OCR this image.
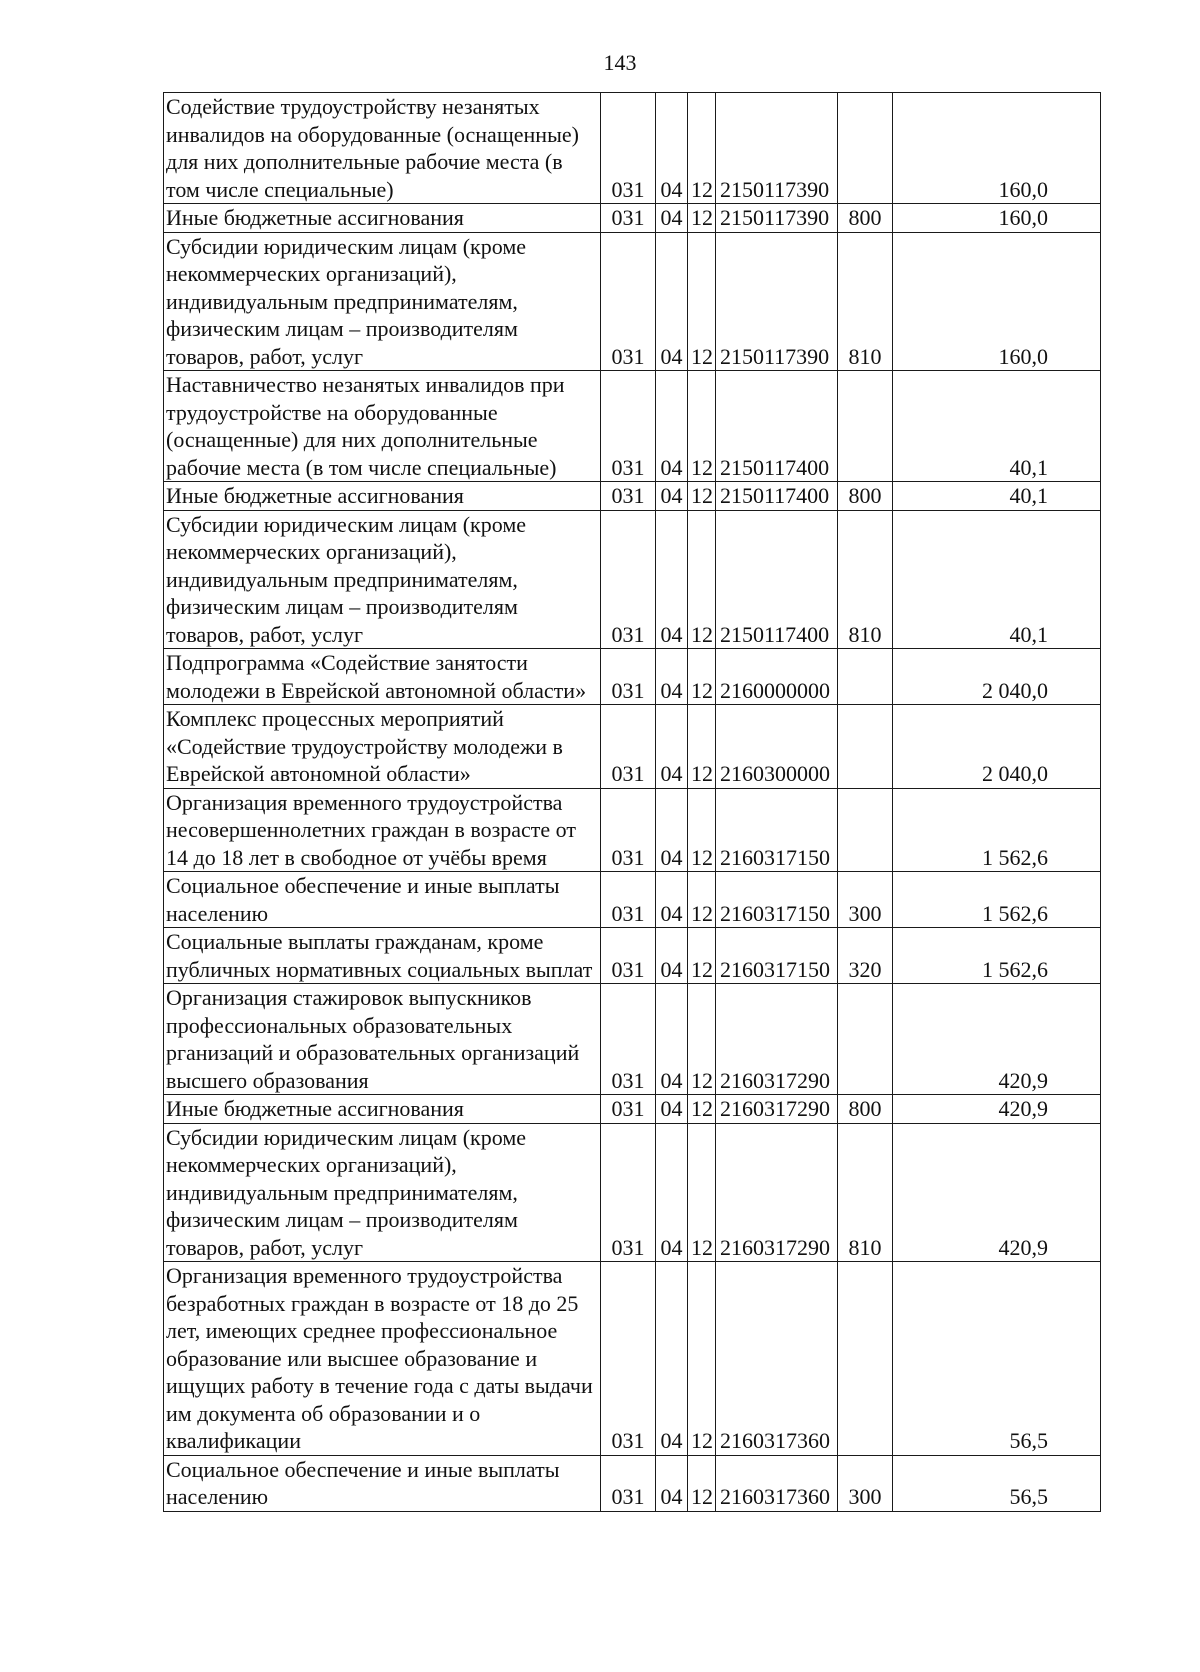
143
Содействие трудоустройству незанятых инвалидов на оборудованные (оснащенные) для них дополнительные рабочие места (в том числе специальные)	031	04	12	2150117390		160,0
Иные бюджетные ассигнования	031	04	12	2150117390	800	160,0
Субсидии юридическим лицам (кроме некоммерческих организаций), индивидуальным предпринимателям, физическим лицам – производителям товаров, работ, услуг	031	04	12	2150117390	810	160,0
Наставничество незанятых инвалидов при трудоустройстве на оборудованные (оснащенные) для них дополнительные рабочие места (в том числе специальные)	031	04	12	2150117400		40,1
Иные бюджетные ассигнования	031	04	12	2150117400	800	40,1
Субсидии юридическим лицам (кроме некоммерческих организаций), индивидуальным предпринимателям, физическим лицам – производителям товаров, работ, услуг	031	04	12	2150117400	810	40,1
Подпрограмма «Содействие занятости молодежи в Еврейской автономной области»	031	04	12	2160000000		2 040,0
Комплекс процессных мероприятий «Содействие трудоустройству молодежи в Еврейской автономной области»	031	04	12	2160300000		2 040,0
Организация временного трудоустройства несовершеннолетних граждан в возрасте от 14 до 18 лет в свободное от учёбы время	031	04	12	2160317150		1 562,6
Социальное обеспечение и иные выплаты населению	031	04	12	2160317150	300	1 562,6
Социальные выплаты гражданам, кроме публичных нормативных социальных выплат	031	04	12	2160317150	320	1 562,6
Организация стажировок выпускников профессиональных образовательных рганизаций и образовательных организаций высшего образования	031	04	12	2160317290		420,9
Иные бюджетные ассигнования	031	04	12	2160317290	800	420,9
Субсидии юридическим лицам (кроме некоммерческих организаций), индивидуальным предпринимателям, физическим лицам – производителям товаров, работ, услуг	031	04	12	2160317290	810	420,9
Организация временного трудоустройства безработных граждан в возрасте от 18 до 25 лет, имеющих среднее профессиональное образование или высшее образование и ищущих работу в течение года с даты выдачи им документа об образовании и о квалификации	031	04	12	2160317360		56,5
Социальное обеспечение и иные выплаты населению	031	04	12	2160317360	300	56,5
